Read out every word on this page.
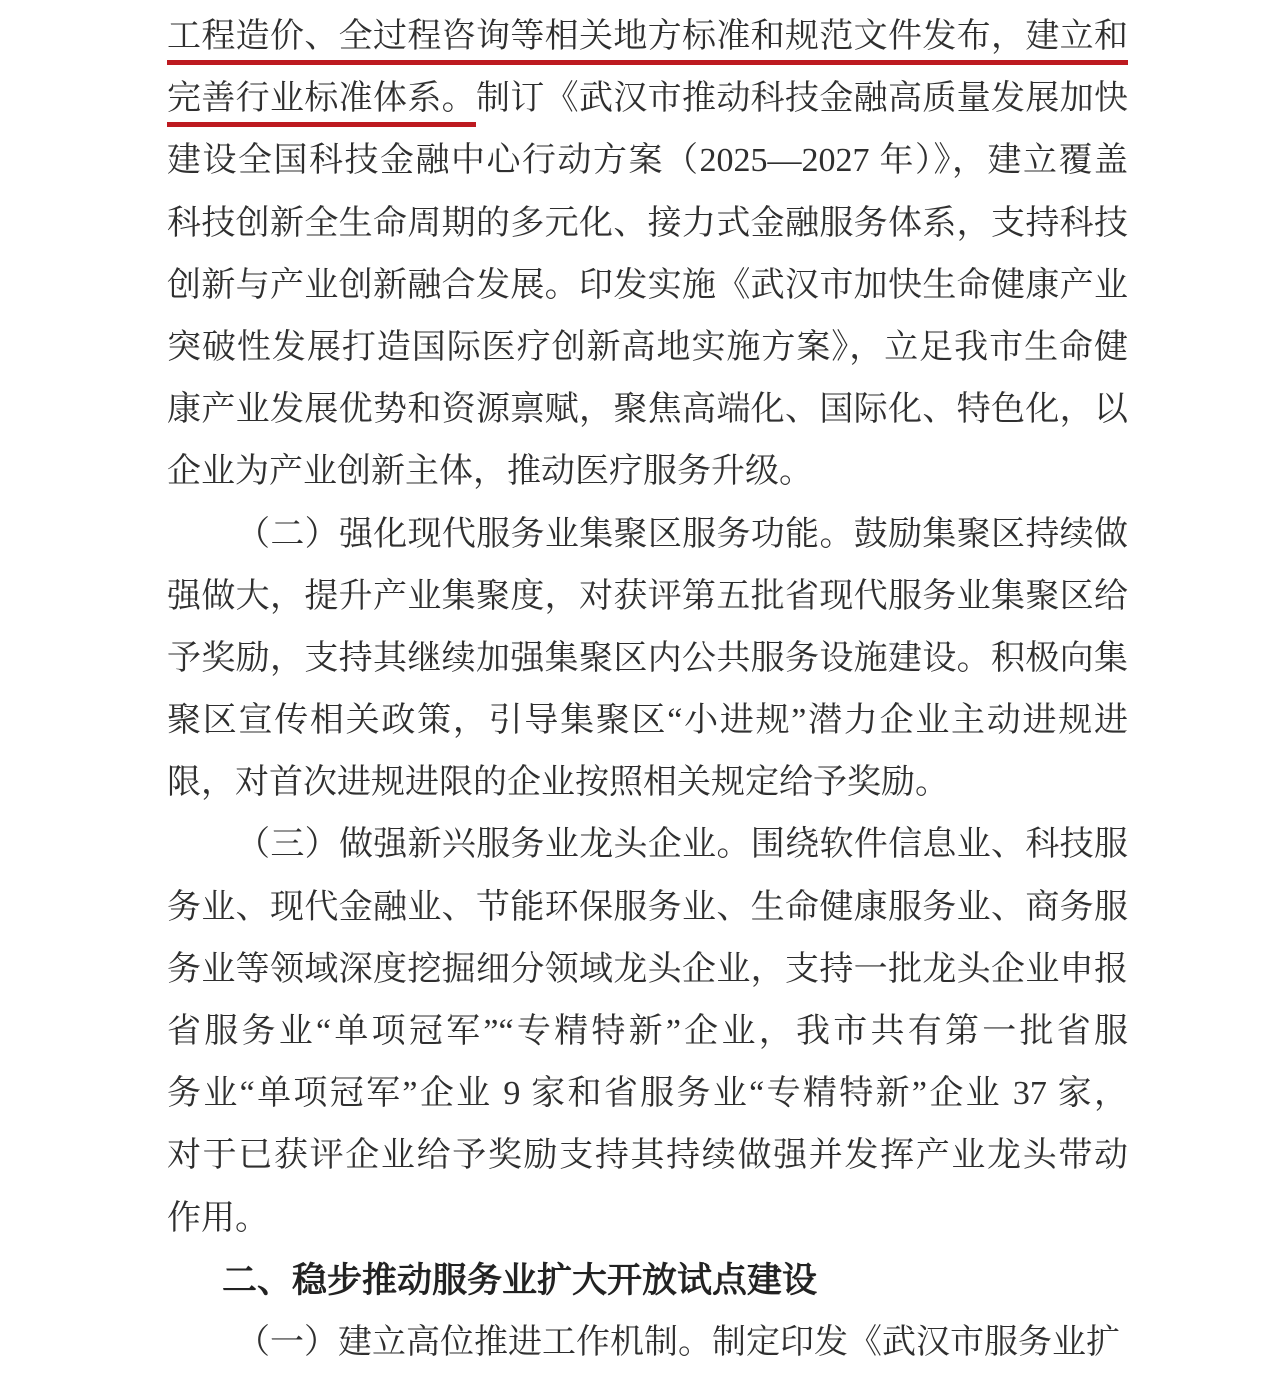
工程造价、全过程咨询等相关地方标准和规范文件发布，建立和
完善行业标准体系。制订《武汉市推动科技金融高质量发展加快
建设全国科技金融中心行动方案（2025—2027 年）》，建立覆盖
科技创新全生命周期的多元化、接力式金融服务体系，支持科技
创新与产业创新融合发展。印发实施《武汉市加快生命健康产业
突破性发展打造国际医疗创新高地实施方案》，立足我市生命健
康产业发展优势和资源禀赋，聚焦高端化、国际化、特色化，以
企业为产业创新主体，推动医疗服务升级。
（二）强化现代服务业集聚区服务功能。鼓励集聚区持续做
强做大，提升产业集聚度，对获评第五批省现代服务业集聚区给
予奖励，支持其继续加强集聚区内公共服务设施建设。积极向集
聚区宣传相关政策，引导集聚区“小进规”潜力企业主动进规进
限，对首次进规进限的企业按照相关规定给予奖励。
（三）做强新兴服务业龙头企业。围绕软件信息业、科技服
务业、现代金融业、节能环保服务业、生命健康服务业、商务服
务业等领域深度挖掘细分领域龙头企业，支持一批龙头企业申报
省服务业“单项冠军”“专精特新”企业，我市共有第一批省服
务业“单项冠军”企业 9 家和省服务业“专精特新”企业 37 家，
对于已获评企业给予奖励支持其持续做强并发挥产业龙头带动
作用。
二、稳步推动服务业扩大开放试点建设
（一）建立高位推进工作机制。制定印发《武汉市服务业扩
